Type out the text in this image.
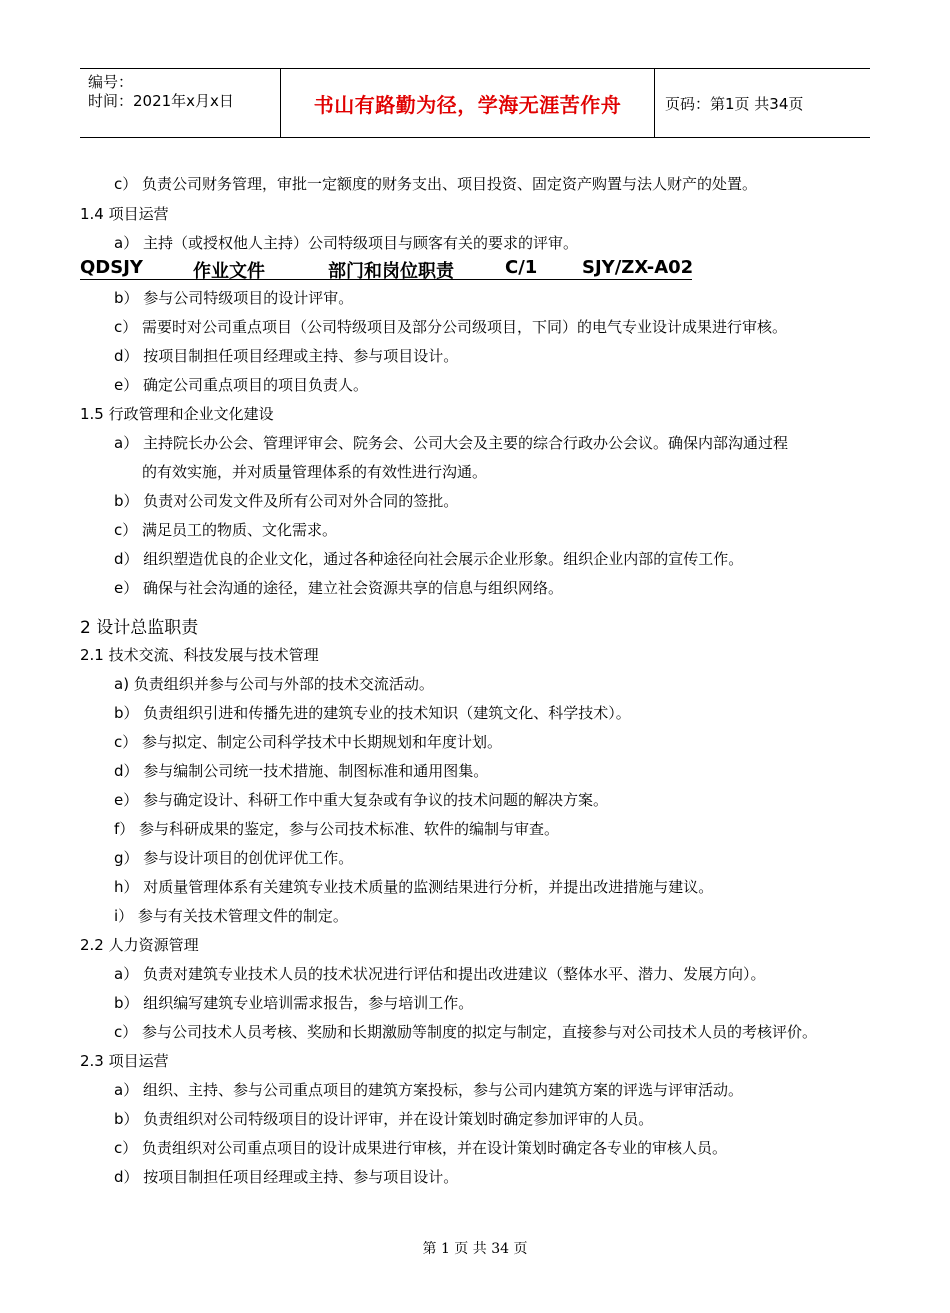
编号：
时间：2021年x月x日	书山有路勤为径，学海无涯苦作舟	页码：第1页 共34页
c） 负责公司财务管理，审批一定额度的财务支出、项目投资、固定资产购置与法人财产的处置。
1.4 项目运营
a） 主持（或授权他人主持）公司特级项目与顾客有关的要求的评审。
QDSJY	作业文件	部门和岗位职责	C/1 SJY/ZX-A02
b） 参与公司特级项目的设计评审。
c） 需要时对公司重点项目（公司特级项目及部分公司级项目，下同）的电气专业设计成果进行审核。
d） 按项目制担任项目经理或主持、参与项目设计。
e） 确定公司重点项目的项目负责人。
1.5 行政管理和企业文化建设
a） 主持院长办公会、管理评审会、院务会、公司大会及主要的综合行政办公会议。确保内部沟通过程
的有效实施，并对质量管理体系的有效性进行沟通。
b） 负责对公司发文件及所有公司对外合同的签批。
c） 满足员工的物质、文化需求。
d） 组织塑造优良的企业文化，通过各种途径向社会展示企业形象。组织企业内部的宣传工作。
e） 确保与社会沟通的途径，建立社会资源共享的信息与组织网络。
2 设计总监职责
2.1 技术交流、科技发展与技术管理
a) 负责组织并参与公司与外部的技术交流活动。
b） 负责组织引进和传播先进的建筑专业的技术知识（建筑文化、科学技术）。
c） 参与拟定、制定公司科学技术中长期规划和年度计划。
d） 参与编制公司统一技术措施、制图标准和通用图集。
e） 参与确定设计、科研工作中重大复杂或有争议的技术问题的解决方案。
f） 参与科研成果的鉴定，参与公司技术标准、软件的编制与审查。
g） 参与设计项目的创优评优工作。
h） 对质量管理体系有关建筑专业技术质量的监测结果进行分析，并提出改进措施与建议。
i） 参与有关技术管理文件的制定。
2.2 人力资源管理
a） 负责对建筑专业技术人员的技术状况进行评估和提出改进建议（整体水平、潜力、发展方向）。
b） 组织编写建筑专业培训需求报告，参与培训工作。
c） 参与公司技术人员考核、奖励和长期激励等制度的拟定与制定，直接参与对公司技术人员的考核评价。
2.3 项目运营
a） 组织、主持、参与公司重点项目的建筑方案投标，参与公司内建筑方案的评选与评审活动。
b） 负责组织对公司特级项目的设计评审，并在设计策划时确定参加评审的人员。
c） 负责组织对公司重点项目的设计成果进行审核，并在设计策划时确定各专业的审核人员。
d） 按项目制担任项目经理或主持、参与项目设计。
第 1 页 共 34 页
